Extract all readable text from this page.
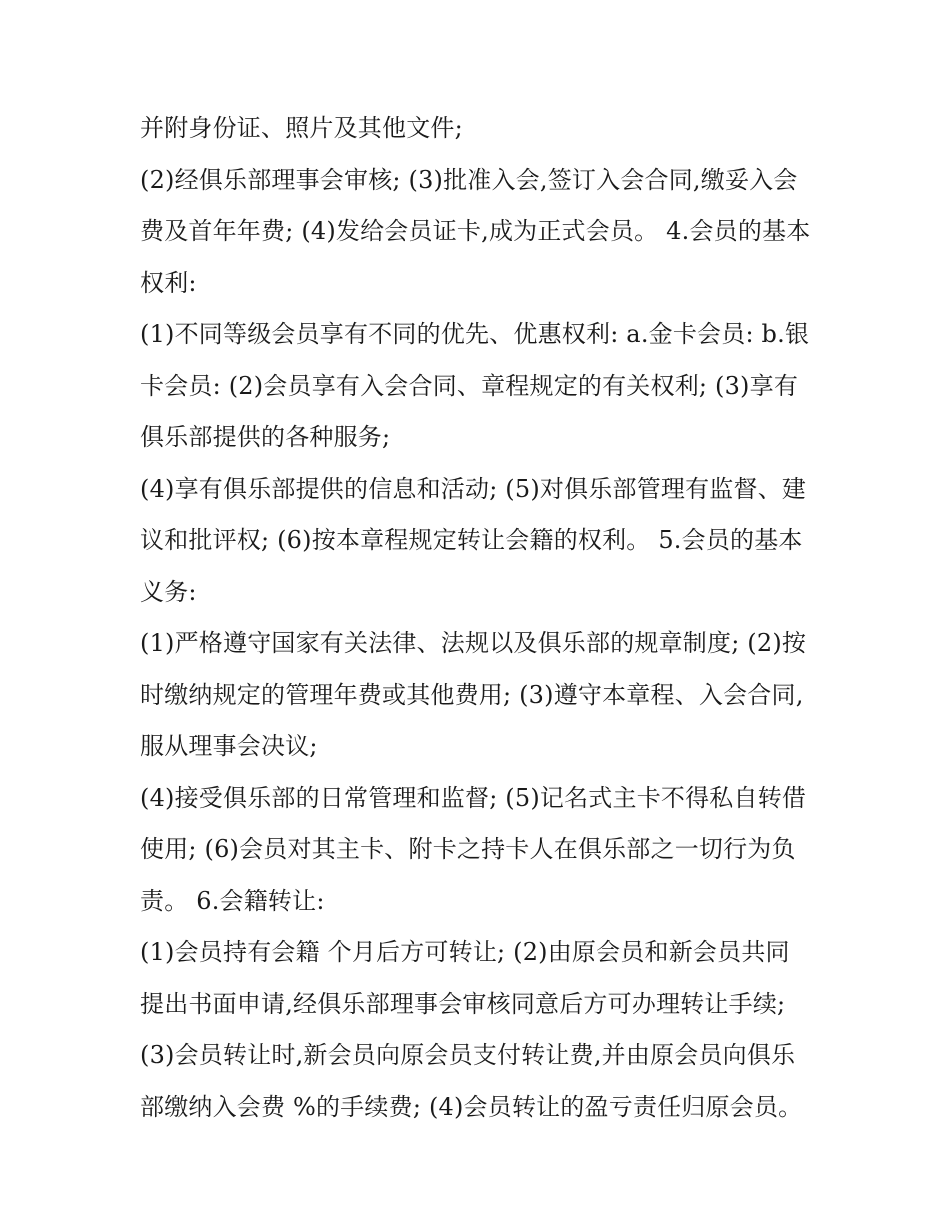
并附身份证、照片及其他文件;
(2)经俱乐部理事会审核; (3)批准入会,签订入会合同,缴妥入会
费及首年年费; (4)发给会员证卡,成为正式会员。 4.会员的基本
权利:
(1)不同等级会员享有不同的优先、优惠权利: a.金卡会员: b.银
卡会员: (2)会员享有入会合同、章程规定的有关权利; (3)享有
俱乐部提供的各种服务;
(4)享有俱乐部提供的信息和活动; (5)对俱乐部管理有监督、建
议和批评权; (6)按本章程规定转让会籍的权利。 5.会员的基本
义务:
(1)严格遵守国家有关法律、法规以及俱乐部的规章制度; (2)按
时缴纳规定的管理年费或其他费用; (3)遵守本章程、入会合同,
服从理事会决议;
(4)接受俱乐部的日常管理和监督; (5)记名式主卡不得私自转借
使用; (6)会员对其主卡、附卡之持卡人在俱乐部之一切行为负
责。 6.会籍转让:
(1)会员持有会籍 个月后方可转让; (2)由原会员和新会员共同
提出书面申请,经俱乐部理事会审核同意后方可办理转让手续;
(3)会员转让时,新会员向原会员支付转让费,并由原会员向俱乐
部缴纳入会费 %的手续费; (4)会员转让的盈亏责任归原会员。
